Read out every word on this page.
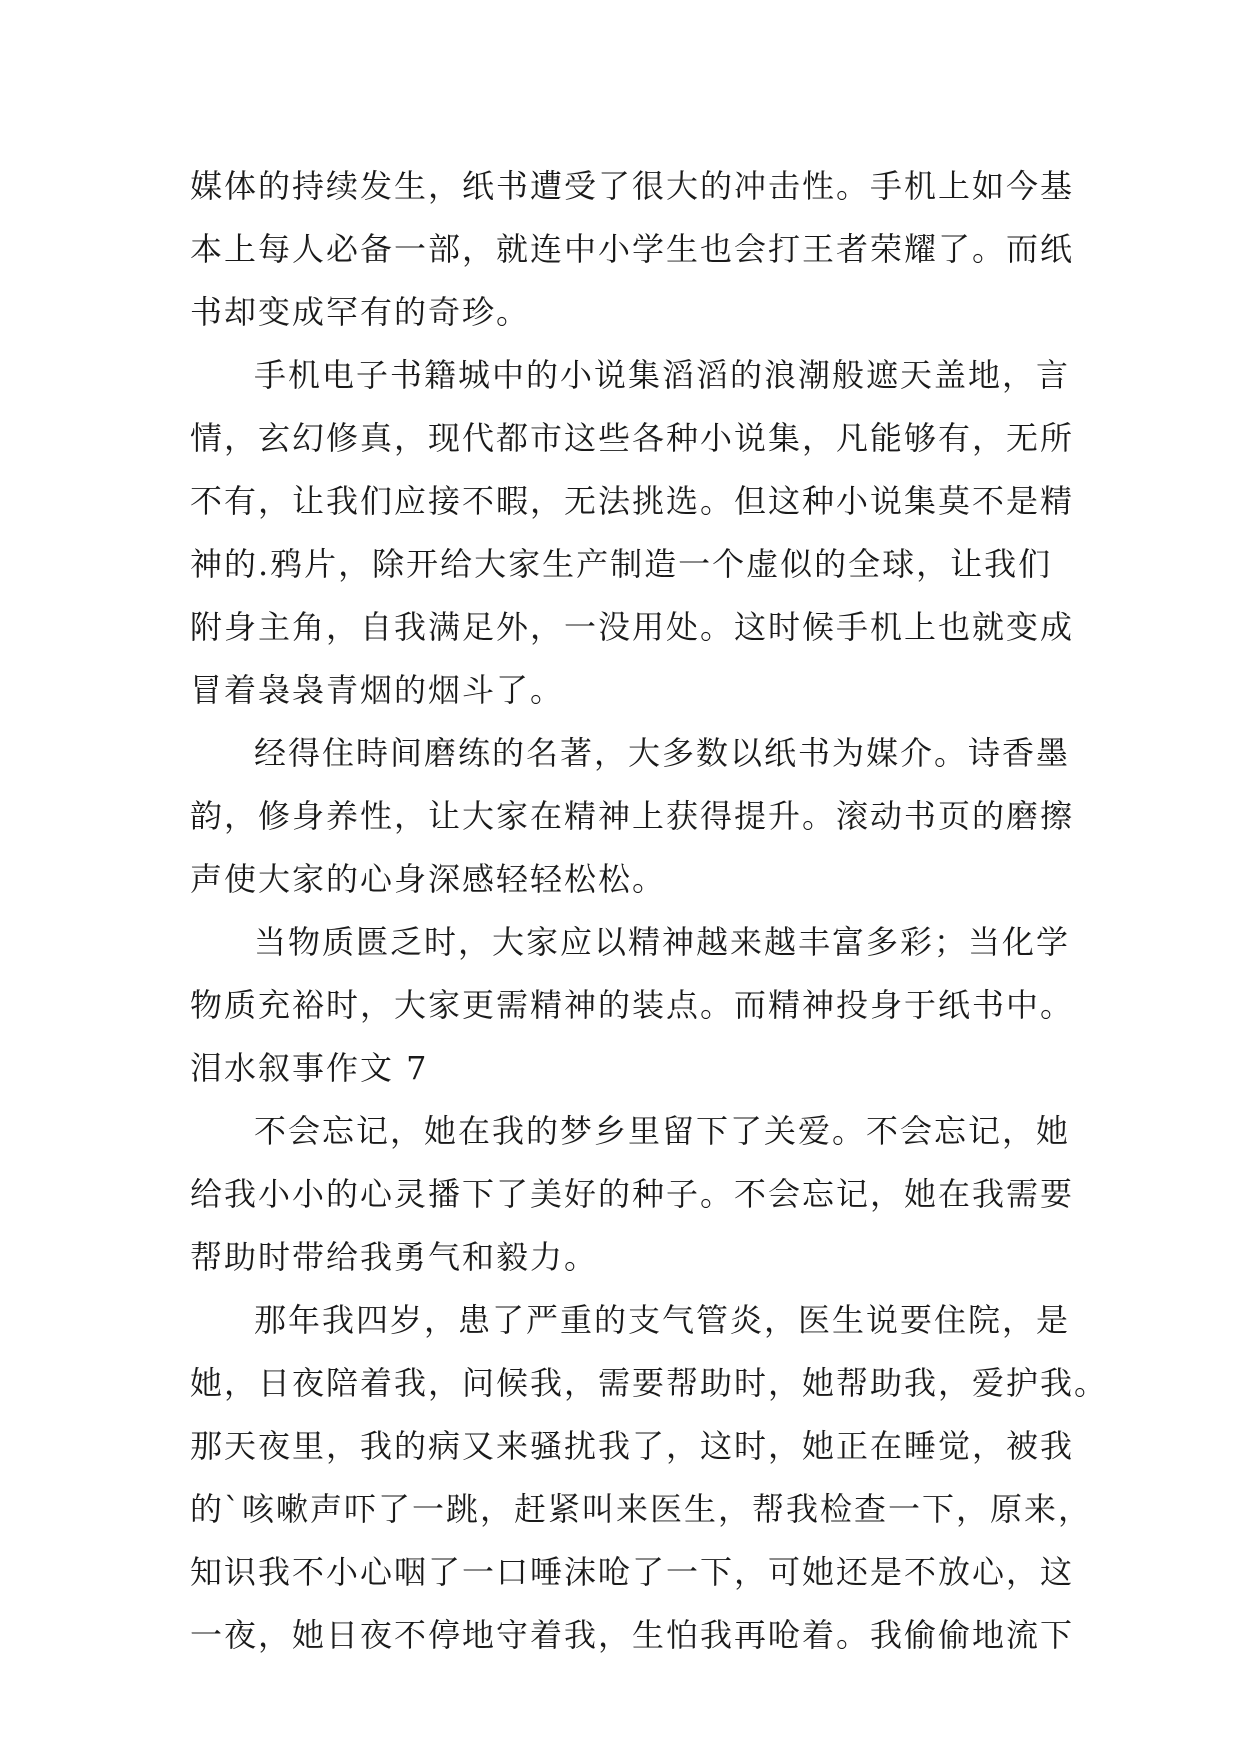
媒体的持续发生，纸书遭受了很大的冲击性。手机上如今基
本上每人必备一部，就连中小学生也会打王者荣耀了。而纸
书却变成罕有的奇珍。
手机电子书籍城中的小说集滔滔的浪潮般遮天盖地，言
情，玄幻修真，现代都市这些各种小说集，凡能够有，无所
不有，让我们应接不暇，无法挑选。但这种小说集莫不是精
神的.鸦片，除开给大家生产制造一个虚似的全球，让我们
附身主角，自我满足外，一没用处。这时候手机上也就变成
冒着袅袅青烟的烟斗了。
经得住時间磨练的名著，大多数以纸书为媒介。诗香墨
韵，修身养性，让大家在精神上获得提升。滚动书页的磨擦
声使大家的心身深感轻轻松松。
当物质匮乏时，大家应以精神越来越丰富多彩；当化学
物质充裕时，大家更需精神的装点。而精神投身于纸书中。
泪水叙事作文 7
不会忘记，她在我的梦乡里留下了关爱。不会忘记，她
给我小小的心灵播下了美好的种子。不会忘记，她在我需要
帮助时带给我勇气和毅力。
那年我四岁，患了严重的支气管炎，医生说要住院，是
她，日夜陪着我，问候我，需要帮助时，她帮助我，爱护我。
那天夜里，我的病又来骚扰我了，这时，她正在睡觉，被我
的`咳嗽声吓了一跳，赶紧叫来医生，帮我检查一下，原来，
知识我不小心咽了一口唾沫呛了一下，可她还是不放心，这
一夜，她日夜不停地守着我，生怕我再呛着。我偷偷地流下
